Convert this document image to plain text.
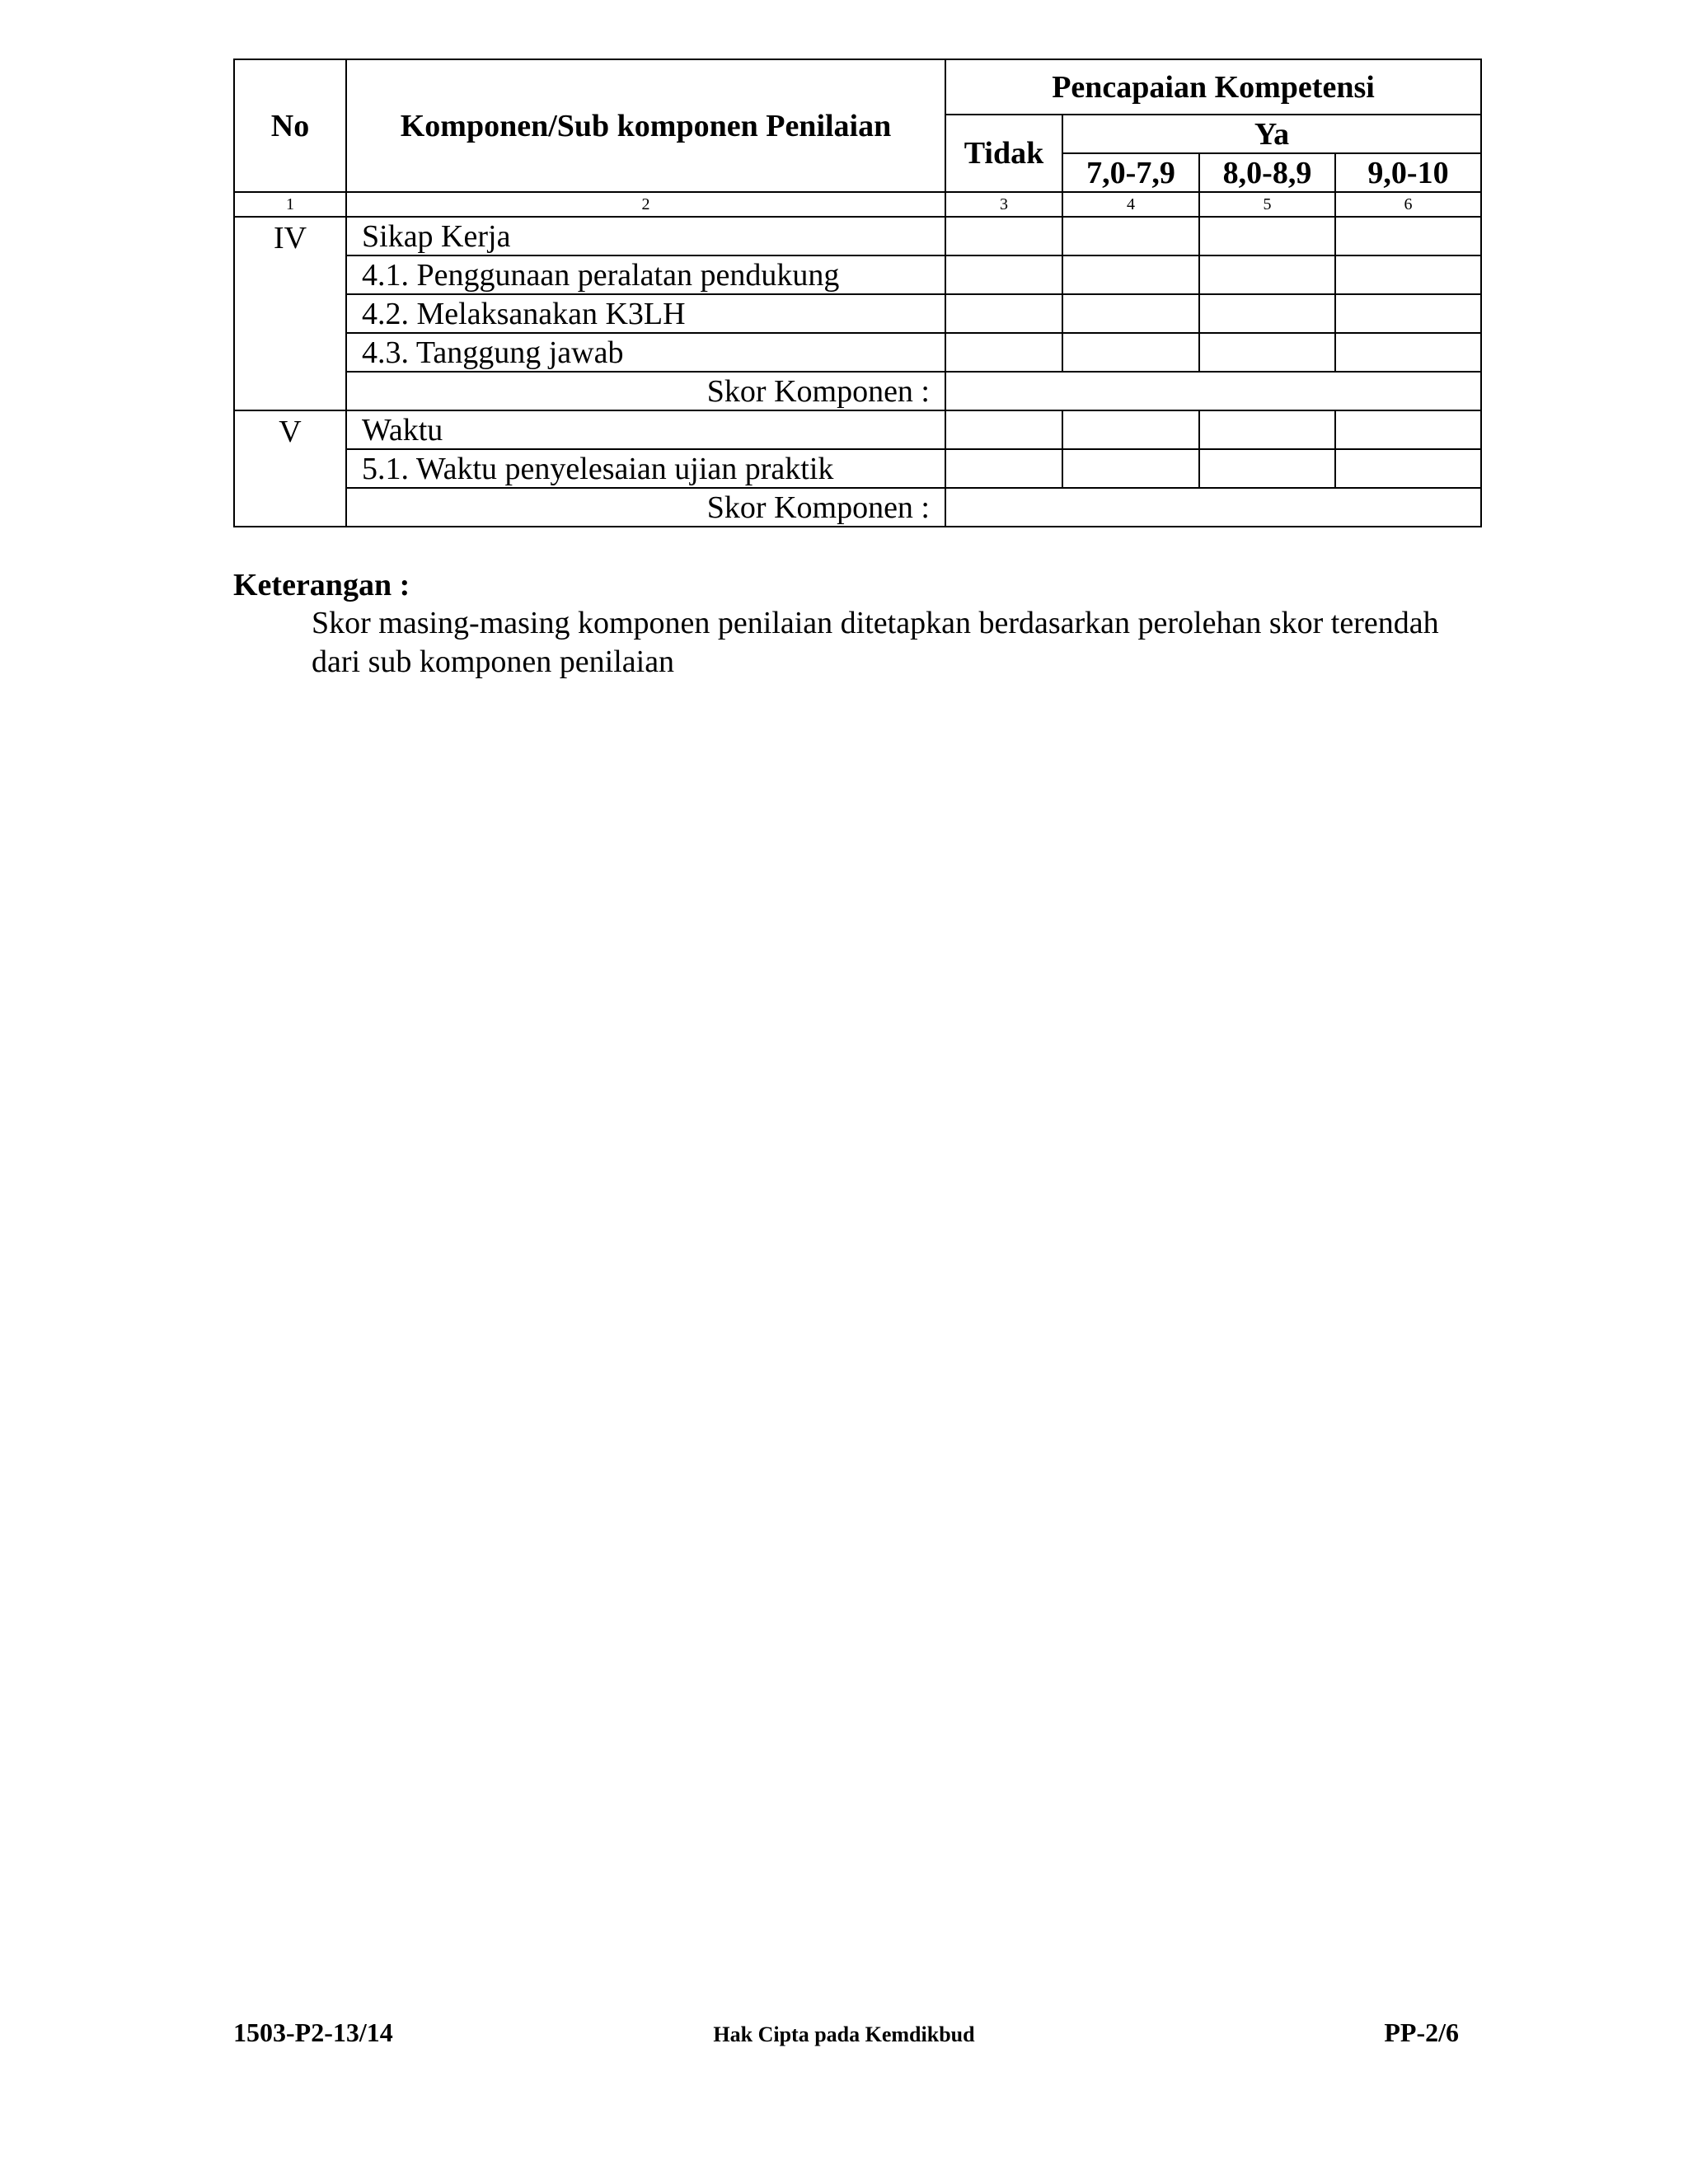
No	Komponen/Sub komponen Penilaian	Pencapaian Kompetensi			
		Tidak	Ya		
			7,0-7,9	8,0-8,9	9,0-10
1	2	3	4	5	6
IV	Sikap Kerja				
	4.1. Penggunaan peralatan pendukung				
	4.2. Melaksanakan K3LH				
	4.3. Tanggung jawab				
	Skor Komponen :				
V	Waktu				
	5.1. Waktu penyelesaian ujian praktik				
	Skor Komponen :				
Keterangan :
Skor masing-masing komponen penilaian ditetapkan berdasarkan perolehan skor terendah dari sub komponen penilaian
1503-P2-13/14	Hak Cipta pada Kemdikbud	PP-2/6
